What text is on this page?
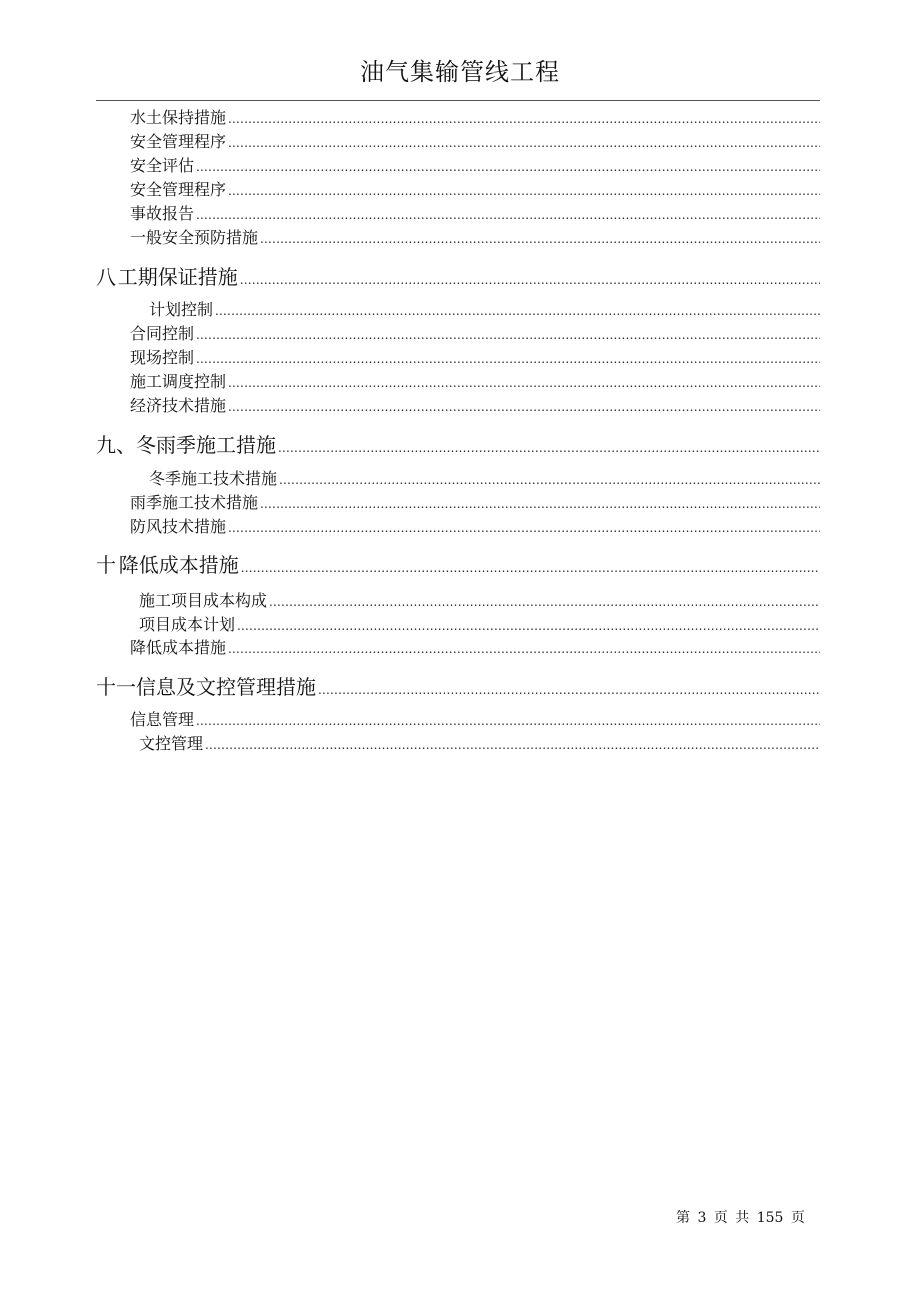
油气集输管线工程
水土保持措施
.....
安全管理程序
.....
安全评估
.....
安全管理程序
.....
事故报告
.....
一般安全预防措施
.....
八 工期保证措施
.....
计划控制
.....
合同控制
.....
现场控制
.....
施工调度控制
.....
经济技术措施
.....
九、 冬雨季施工措施
.....
冬季施工技术措施
.....
雨季施工技术措施
.....
防风技术措施
.....
十 降低成本措施
.....
施工项目成本构成
.....
项目成本计划
.....
降低成本措施
.....
十一 信息及文控管理措施
.....
信息管理
.....
文控管理
.....
第 3 页 共 155 页
